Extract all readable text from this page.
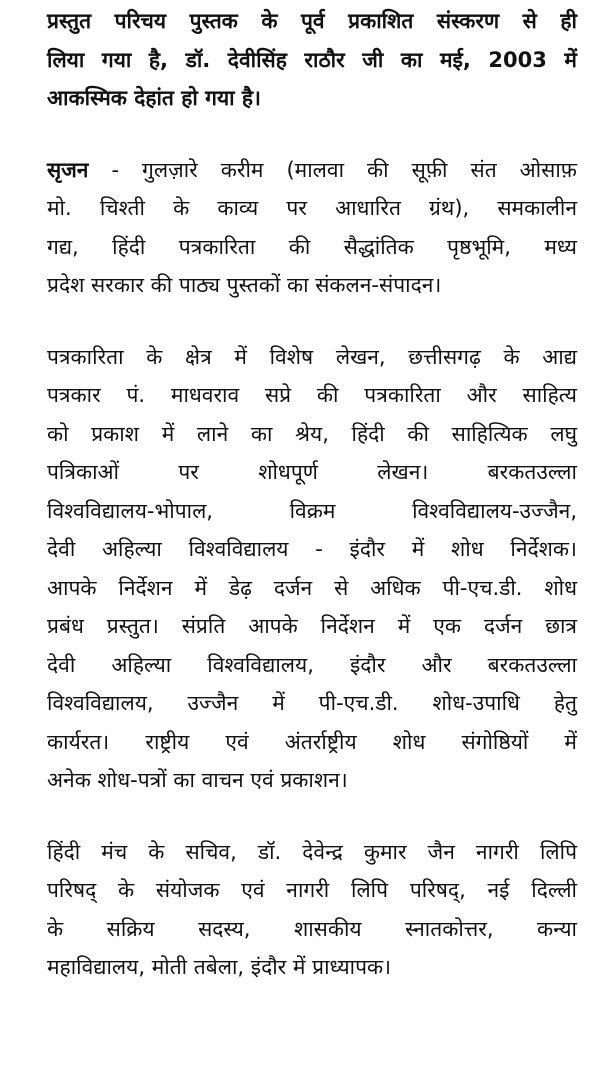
प्रस्तुत परिचय पुस्तक के पूर्व प्रकाशित संस्करण से ही
लिया गया है, डॉ. देवीसिंह राठौर जी का मई, 2003 में
आकस्मिक देहांत हो गया है।
सृजन - गुलज़ारे करीम (मालवा की सूफ़ी संत ओसाफ़
मो. चिश्ती के काव्य पर आधारित ग्रंथ), समकालीन
गद्य, हिंदी पत्रकारिता की सैद्धांतिक पृष्ठभूमि, मध्य
प्रदेश सरकार की पाठ्य पुस्तकों का संकलन-संपादन।
पत्रकारिता के क्षेत्र में विशेष लेखन, छत्तीसगढ़ के आद्य
पत्रकार पं. माधवराव सप्रे की पत्रकारिता और साहित्य
को प्रकाश में लाने का श्रेय, हिंदी की साहित्यिक लघु
पत्रिकाओं पर शोधपूर्ण लेखन। बरकतउल्ला
विश्वविद्यालय-भोपाल, विक्रम विश्वविद्यालय-उज्जैन,
देवी अहिल्या विश्वविद्यालय - इंदौर में शोध निर्देशक।
आपके निर्देशन में डेढ़ दर्जन से अधिक पी-एच.डी. शोध
प्रबंध प्रस्तुत। संप्रति आपके निर्देशन में एक दर्जन छात्र
देवी अहिल्या विश्वविद्यालय, इंदौर और बरकतउल्ला
विश्वविद्यालय, उज्जैन में पी-एच.डी. शोध-उपाधि हेतु
कार्यरत। राष्ट्रीय एवं अंतर्राष्ट्रीय शोध संगोष्ठियों में
अनेक शोध-पत्रों का वाचन एवं प्रकाशन।
हिंदी मंच के सचिव, डॉ. देवेन्द्र कुमार जैन नागरी लिपि
परिषद् के संयोजक एवं नागरी लिपि परिषद्, नई दिल्ली
के सक्रिय सदस्य, शासकीय स्नातकोत्तर, कन्या
महाविद्यालय, मोती तबेला, इंदौर में प्राध्यापक।
